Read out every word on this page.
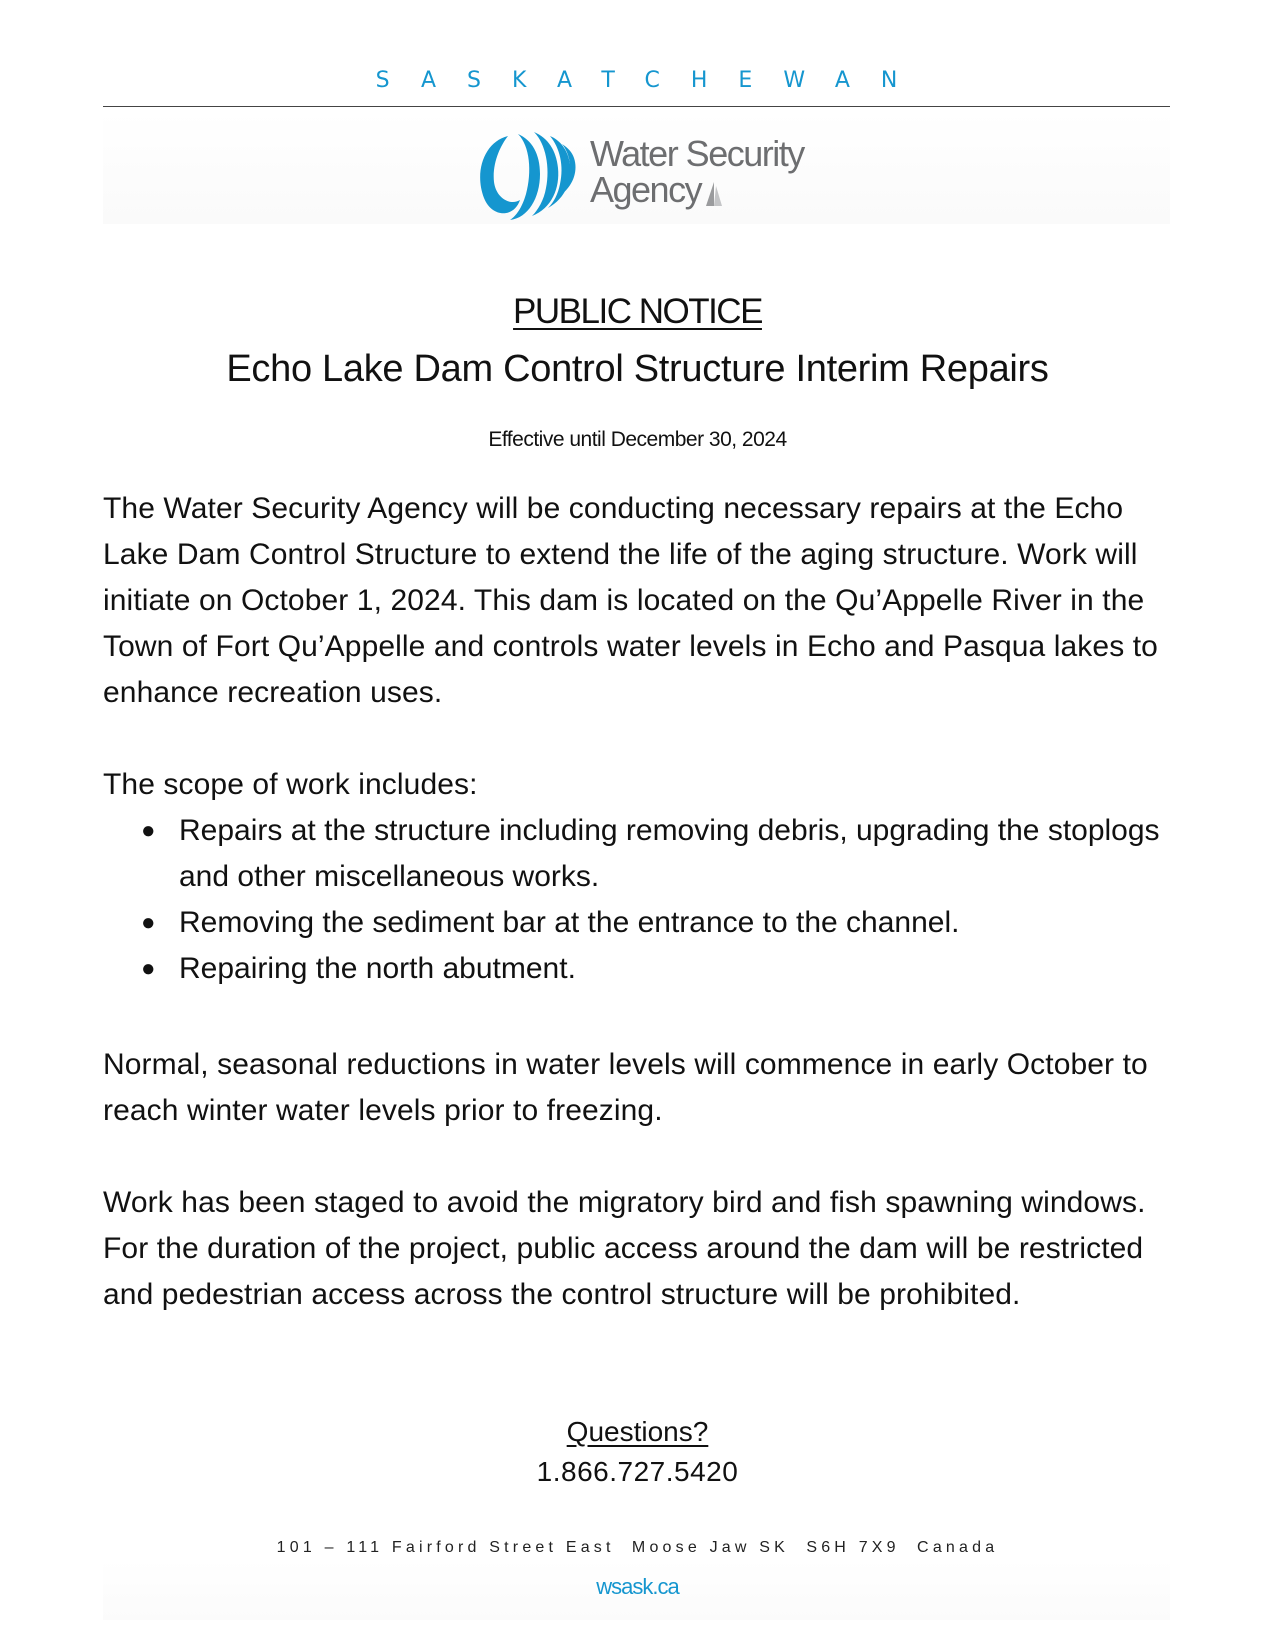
SASKATCHEWAN
Water Security
Agency
PUBLIC NOTICE
Echo Lake Dam Control Structure Interim Repairs
Effective until December 30, 2024
The Water Security Agency will be conducting necessary repairs at the Echo Lake Dam Control Structure to extend the life of the aging structure. Work will initiate on October 1, 2024. This dam is located on the Qu’Appelle River in the Town of Fort Qu’Appelle and controls water levels in Echo and Pasqua lakes to enhance recreation uses.
The scope of work includes:
● Repairs at the structure including removing debris, upgrading the stoplogs and other miscellaneous works.
● Removing the sediment bar at the entrance to the channel.
● Repairing the north abutment.
Normal, seasonal reductions in water levels will commence in early October to reach winter water levels prior to freezing.
Work has been staged to avoid the migratory bird and fish spawning windows. For the duration of the project, public access around the dam will be restricted and pedestrian access across the control structure will be prohibited.
Questions?
1.866.727.5420
101 – 111 Fairford Street East  Moose Jaw SK  S6H 7X9  Canada
wsask.ca
